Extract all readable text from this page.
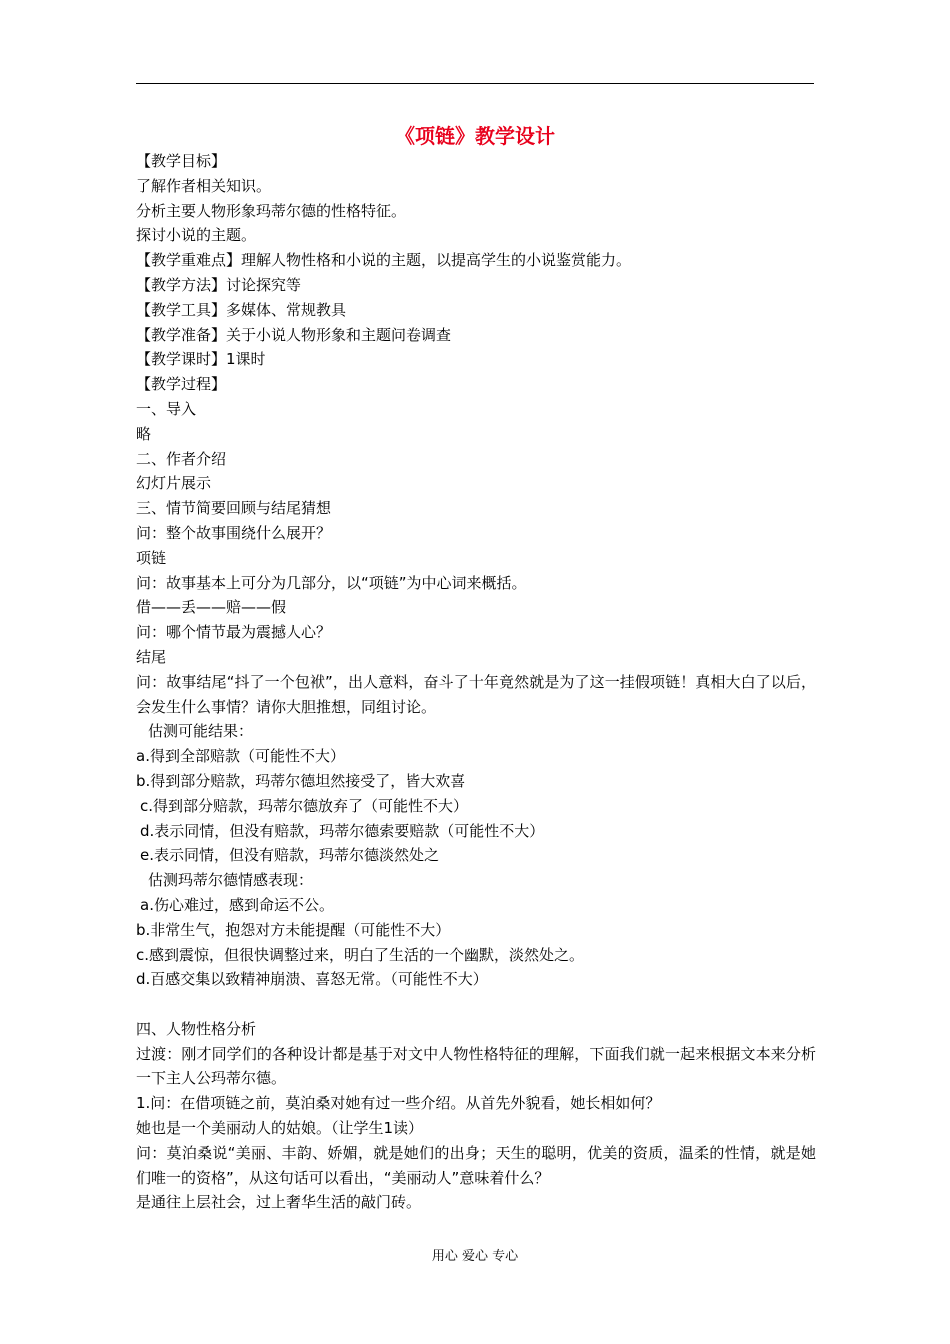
《项链》教学设计
【教学目标】
了解作者相关知识。
分析主要人物形象玛蒂尔德的性格特征。
探讨小说的主题。
【教学重难点】理解人物性格和小说的主题，以提高学生的小说鉴赏能力。
【教学方法】讨论探究等
【教学工具】多媒体、常规教具
【教学准备】关于小说人物形象和主题问卷调查
【教学课时】1课时
【教学过程】
一、导入
略
二、作者介绍
幻灯片展示
三、情节简要回顾与结尾猜想
问：整个故事围绕什么展开？
项链
问：故事基本上可分为几部分，以“项链”为中心词来概括。
借——丢——赔——假
问：哪个情节最为震撼人心？
结尾
问：故事结尾“抖了一个包袱”，出人意料，奋斗了十年竟然就是为了这一挂假项链！真相大白了以后，会发生什么事情？请你大胆推想，同组讨论。
估测可能结果：
a.得到全部赔款（可能性不大）
b.得到部分赔款，玛蒂尔德坦然接受了，皆大欢喜
c.得到部分赔款，玛蒂尔德放弃了（可能性不大）
d.表示同情，但没有赔款，玛蒂尔德索要赔款（可能性不大）
e.表示同情，但没有赔款，玛蒂尔德淡然处之
估测玛蒂尔德情感表现：
a.伤心难过，感到命运不公。
b.非常生气，抱怨对方未能提醒（可能性不大）
c.感到震惊，但很快调整过来，明白了生活的一个幽默，淡然处之。
d.百感交集以致精神崩溃、喜怒无常。（可能性不大）
四、人物性格分析
过渡：刚才同学们的各种设计都是基于对文中人物性格特征的理解，下面我们就一起来根据文本来分析一下主人公玛蒂尔德。
1.问：在借项链之前，莫泊桑对她有过一些介绍。从首先外貌看，她长相如何？
她也是一个美丽动人的姑娘。（让学生1读）
问：莫泊桑说“美丽、丰韵、娇媚，就是她们的出身；天生的聪明，优美的资质，温柔的性情，就是她们唯一的资格”，从这句话可以看出，“美丽动人”意味着什么？
是通往上层社会，过上奢华生活的敲门砖。
用心 爱心 专心
